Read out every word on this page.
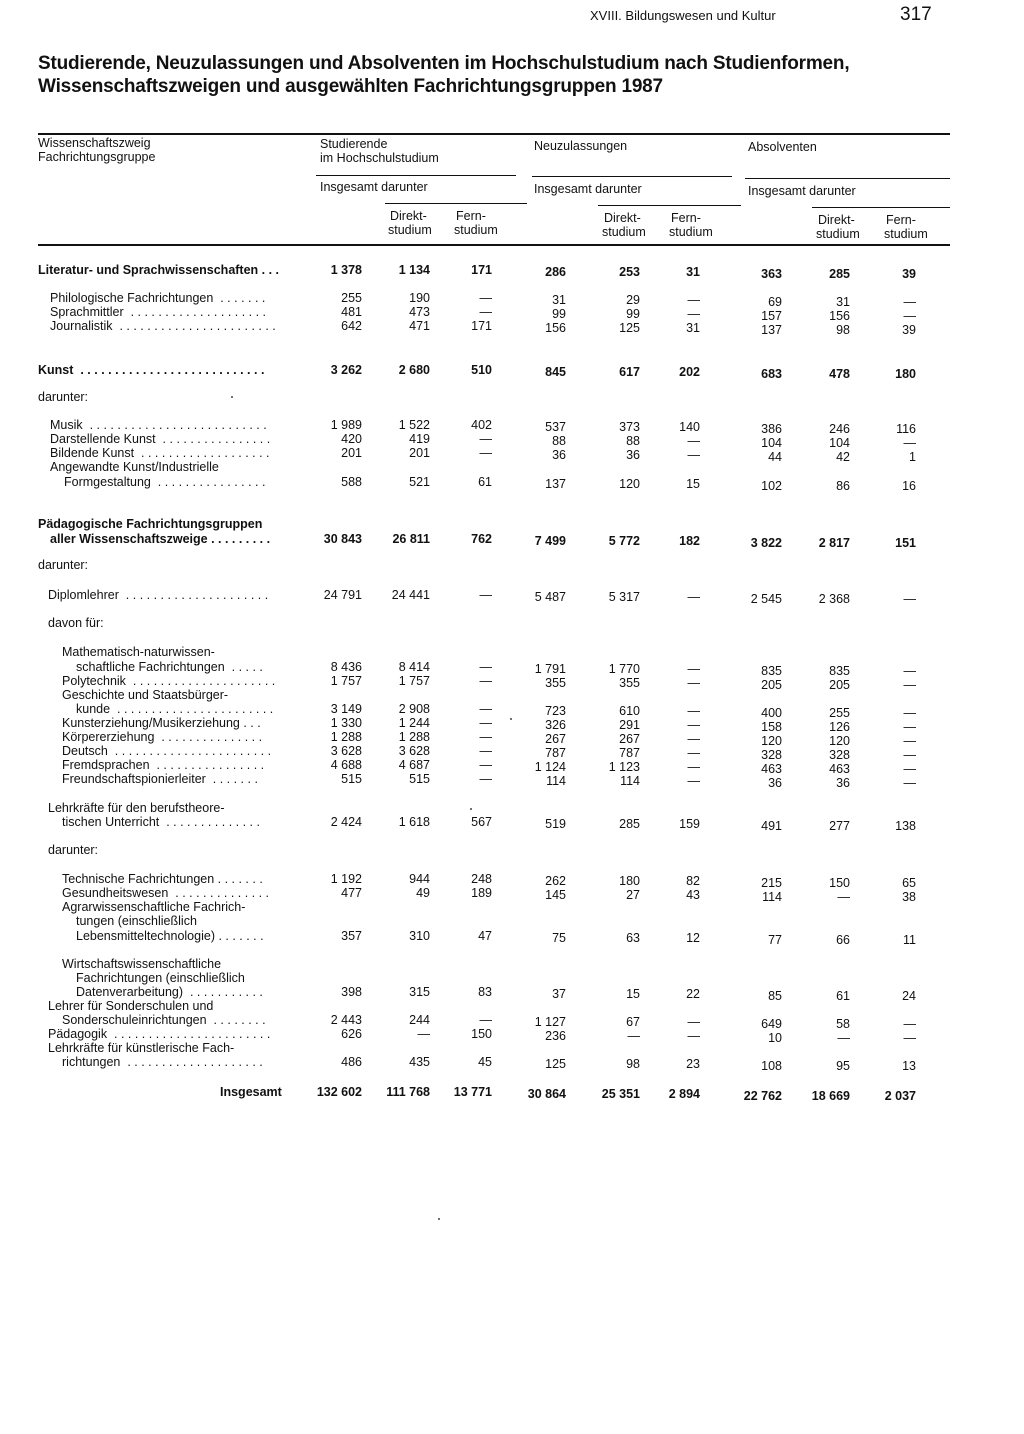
XVIII. Bildungswesen und Kultur	317
Studierende, Neuzulassungen und Absolventen im Hochschulstudium nach Studienformen,
Wissenschaftszweigen und ausgewählten Fachrichtungsgruppen 1987
Wissenschaftszweig
Fachrichtungsgruppe
Studierende
im Hochschulstudium
Neuzulassungen	Absolventen
Insgesamt darunter	Insgesamt darunter	Insgesamt darunter
Direkt-
studium
Fern-
studium
Direkt-
studium
Fern-
studium
Direkt-
studium
Fern-
studium
Literatur- und Sprachwissenschaften . . .	1 378	1 134	171	286	253	31	363	285	39
Philologische Fachrichtungen  . . . . . . .	255	190	—	31	29	—	69	31	—
Sprachmittler  . . . . . . . . . . . . . . . . . . . .	481	473	—	99	99	—	157	156	—
Journalistik  . . . . . . . . . . . . . . . . . . . . . . .	642	471	171	156	125	31	137	98	39
Kunst  . . . . . . . . . . . . . . . . . . . . . . . . . . .	3 262	2 680	510	845	617	202	683	478	180
darunter:
Musik  . . . . . . . . . . . . . . . . . . . . . . . . . .	1 989	1 522	402	537	373	140	386	246	116
Darstellende Kunst  . . . . . . . . . . . . . . . .	420	419	—	88	88	—	104	104	—
Bildende Kunst  . . . . . . . . . . . . . . . . . . .	201	201	—	36	36	—	44	42	1
Angewandte Kunst/Industrielle
Formgestaltung  . . . . . . . . . . . . . . . .	588	521	61	137	120	15	102	86	16
Pädagogische Fachrichtungsgruppen
aller Wissenschaftszweige . . . . . . . . .	30 843	26 811	762	7 499	5 772	182	3 822	2 817	151
darunter:
Diplomlehrer  . . . . . . . . . . . . . . . . . . . . .	24 791	24 441	—	5 487	5 317	—	2 545	2 368	—
davon für:
Mathematisch-naturwissen-
schaftliche Fachrichtungen  . . . . .	8 436	8 414	—	1 791	1 770	—	835	835	—
Polytechnik  . . . . . . . . . . . . . . . . . . . . .	1 757	1 757	—	355	355	—	205	205	—
Geschichte und Staatsbürger-
kunde  . . . . . . . . . . . . . . . . . . . . . . .	3 149	2 908	—	723	610	—	400	255	—
Kunsterziehung/Musikerziehung . . .	1 330	1 244	—	326	291	—	158	126	—
Körpererziehung  . . . . . . . . . . . . . . .	1 288	1 288	—	267	267	—	120	120	—
Deutsch  . . . . . . . . . . . . . . . . . . . . . . .	3 628	3 628	—	787	787	—	328	328	—
Fremdsprachen  . . . . . . . . . . . . . . . .	4 688	4 687	—	1 124	1 123	—	463	463	—
Freundschaftspionierleiter  . . . . . . .	515	515	—	114	114	—	36	36	—
Lehrkräfte für den berufstheore-
tischen Unterricht  . . . . . . . . . . . . . .	2 424	1 618	567	519	285	159	491	277	138
darunter:
Technische Fachrichtungen . . . . . . .	1 192	944	248	262	180	82	215	150	65
Gesundheitswesen  . . . . . . . . . . . . . .	477	49	189	145	27	43	114	—	38
Agrarwissenschaftliche Fachrich-
tungen (einschließlich
Lebensmitteltechnologie) . . . . . . .	357	310	47	75	63	12	77	66	11
Wirtschaftswissenschaftliche
Fachrichtungen (einschließlich
Datenverarbeitung)  . . . . . . . . . . .	398	315	83	37	15	22	85	61	24
Lehrer für Sonderschulen und
Sonderschuleinrichtungen  . . . . . . . .	2 443	244	—	1 127	67	—	649	58	—
Pädagogik  . . . . . . . . . . . . . . . . . . . . . . .	626	—	150	236	—	—	10	—	—
Lehrkräfte für künstlerische Fach-
richtungen  . . . . . . . . . . . . . . . . . . . .	486	435	45	125	98	23	108	95	13
Insgesamt	132 602	111 768	13 771	30 864	25 351	2 894	22 762	18 669	2 037
